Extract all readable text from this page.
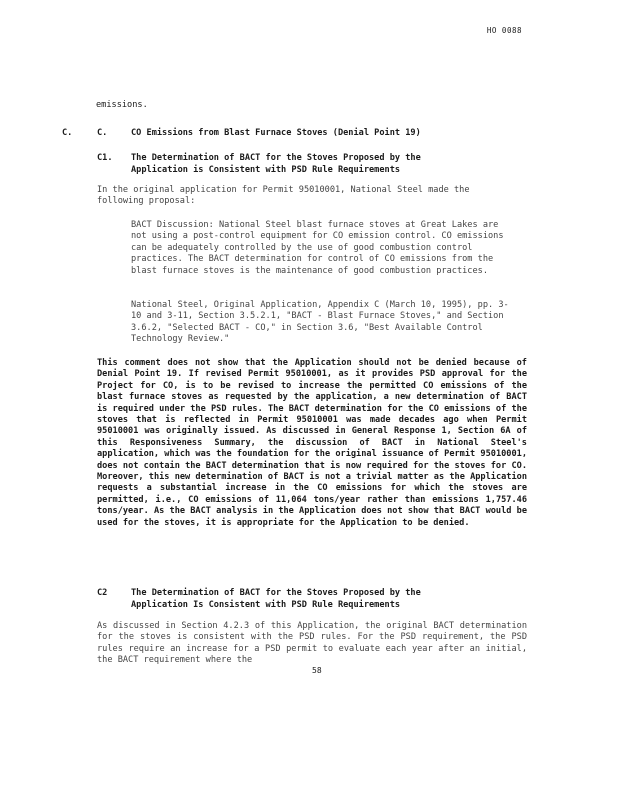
HO 0088
emissions.
C.	C.	CO Emissions from Blast Furnace Stoves (Denial Point 19)
C1. The Determination of BACT for the Stoves Proposed by the
Application is Consistent with PSD Rule Requirements
In the original application for Permit 95010001, National Steel made the following proposal:
BACT Discussion: National Steel blast furnace stoves at Great Lakes are not using a post-control equipment for CO emission control. CO emissions can be adequately controlled by the use of good combustion control practices. The BACT determination for control of CO emissions from the blast furnace stoves is the maintenance of good combustion practices.
National Steel, Original Application, Appendix C (March 10, 1995), pp. 3-10 and 3-11, Section 3.5.2.1, "BACT - Blast Furnace Stoves," and Section 3.6.2, "Selected BACT - CO," in Section 3.6, "Best Available Control Technology Review."
This comment does not show that the Application should not be denied because of Denial Point 19. If revised Permit 95010001, as it provides PSD approval for the Project for CO, is to be revised to increase the permitted CO emissions of the blast furnace stoves as requested by the application, a new determination of BACT is required under the PSD rules. The BACT determination for the CO emissions of the stoves that is reflected in Permit 95010001 was made decades ago when Permit 95010001 was originally issued. As discussed in General Response 1, Section 6A of this Responsiveness Summary, the discussion of BACT in National Steel's application, which was the foundation for the original issuance of Permit 95010001, does not contain the BACT determination that is now required for the stoves for CO. Moreover, this new determination of BACT is not a trivial matter as the Application requests a substantial increase in the CO emissions for which the stoves are permitted, i.e., CO emissions of 11,064 tons/year rather than emissions 1,757.46 tons/year. As the BACT analysis in the Application does not show that BACT would be used for the stoves, it is appropriate for the Application to be denied.
C2	The Determination of BACT for the Stoves Proposed by the
Application Is Consistent with PSD Rule Requirements
As discussed in Section 4.2.3 of this Application, the original BACT determination for the stoves is consistent with the PSD rules. For the PSD requirement, the PSD rules require an increase for a PSD permit to evaluate each year after an initial, the BACT requirement where the
58
